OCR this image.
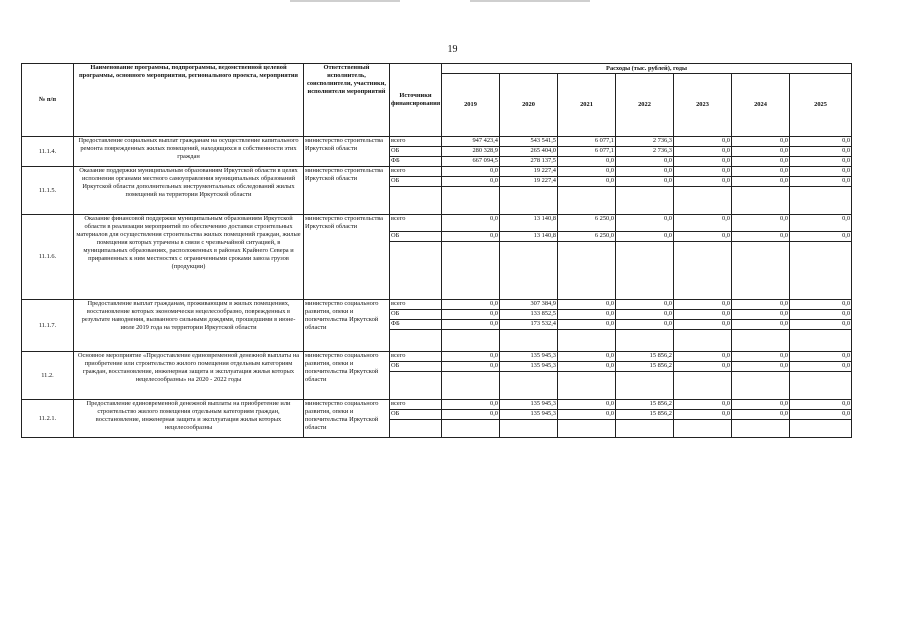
19
№ п/п	Наименование программы, подпрограммы, ведомственной целевой программы, основного мероприятия, регионального проекта, мероприятия	Ответственный исполнитель, соисполнители, участники, исполнители мероприятий	Источники финансирования	Расходы (тыс. рублей), годы						
				2019	2020	2021	2022	2023	2024	2025
11.1.4.	Предоставление социальных выплат гражданам на осуществление капитального ремонта поврежденных жилых помещений, находящихся в собственности этих граждан	министерство строительства Иркутской области	всего	947 423,4	543 541,5	6 077,1	2 736,3	0,0	0,0	0,0
			ОБ	280 328,9	265 404,0	6 077,1	2 736,3	0,0	0,0	0,0
			ФБ	667 094,5	278 137,5	0,0	0,0	0,0	0,0	0,0
11.1.5.	Оказание поддержки муниципальным образованиям Иркутской области в целях исполнения органами местного самоуправления муниципальных образований Иркутской области дополнительных инструментальных обследований жилых помещений на территории Иркутской области	министерство строительства Иркутской области	всего	0,0	19 227,4	0,0	0,0	0,0	0,0	0,0
			ОБ	0,0	19 227,4	0,0	0,0	0,0	0,0	0,0

11.1.6.	Оказание финансовой поддержки муниципальным образованиям Иркутской области в реализации мероприятий по обеспечению доставки строительных материалов для осуществления строительства жилых помещений граждан, жилые помещения которых утрачены в связи с чрезвычайной ситуацией, в муниципальных образованиях, расположенных в районах Крайнего Севера и приравненных к ним местностях с ограниченными сроками завоза грузов (продукции)	министерство строительства Иркутской области	всего	0,0	13 140,8	6 250,0	0,0	0,0	0,0	0,0
			ОБ	0,0	13 140,8	6 250,0	0,0	0,0	0,0	0,0

11.1.7.	Предоставление выплат гражданам, проживающим в жилых помещениях, восстановление которых экономически нецелесообразно, поврежденных в результате наводнения, вызванного сильными дождями, прошедшими в июне-июле 2019 года на территории Иркутской области	министерство социального развития, опеки и попечительства Иркутской области	всего	0,0	307 384,9	0,0	0,0	0,0	0,0	0,0
			ОБ	0,0	133 852,5	0,0	0,0	0,0	0,0	0,0
			ФБ	0,0	173 532,4	0,0	0,0	0,0	0,0	0,0

11.2.	Основное мероприятие «Предоставление единовременной денежной выплаты на приобретение или строительство жилого помещения отдельным категориям граждан, восстановление, инженерная защита и эксплуатация жилья которых нецелесообразны» на 2020 - 2022 годы	министерство социального развития, опеки и попечительства Иркутской области	всего	0,0	135 945,3	0,0	15 856,2	0,0	0,0	0,0
			ОБ	0,0	135 945,3	0,0	15 856,2	0,0	0,0	0,0

11.2.1.	Предоставление единовременной денежной выплаты на приобретение или строительство жилого помещения отдельным категориям граждан, восстановление, инженерная защита и эксплуатация жилья которых нецелесообразны	министерство социального развития, опеки и попечительства Иркутской области	всего	0,0	135 945,3	0,0	15 856,2	0,0	0,0	0,0
			ОБ	0,0	135 945,3	0,0	15 856,2	0,0	0,0	0,0
